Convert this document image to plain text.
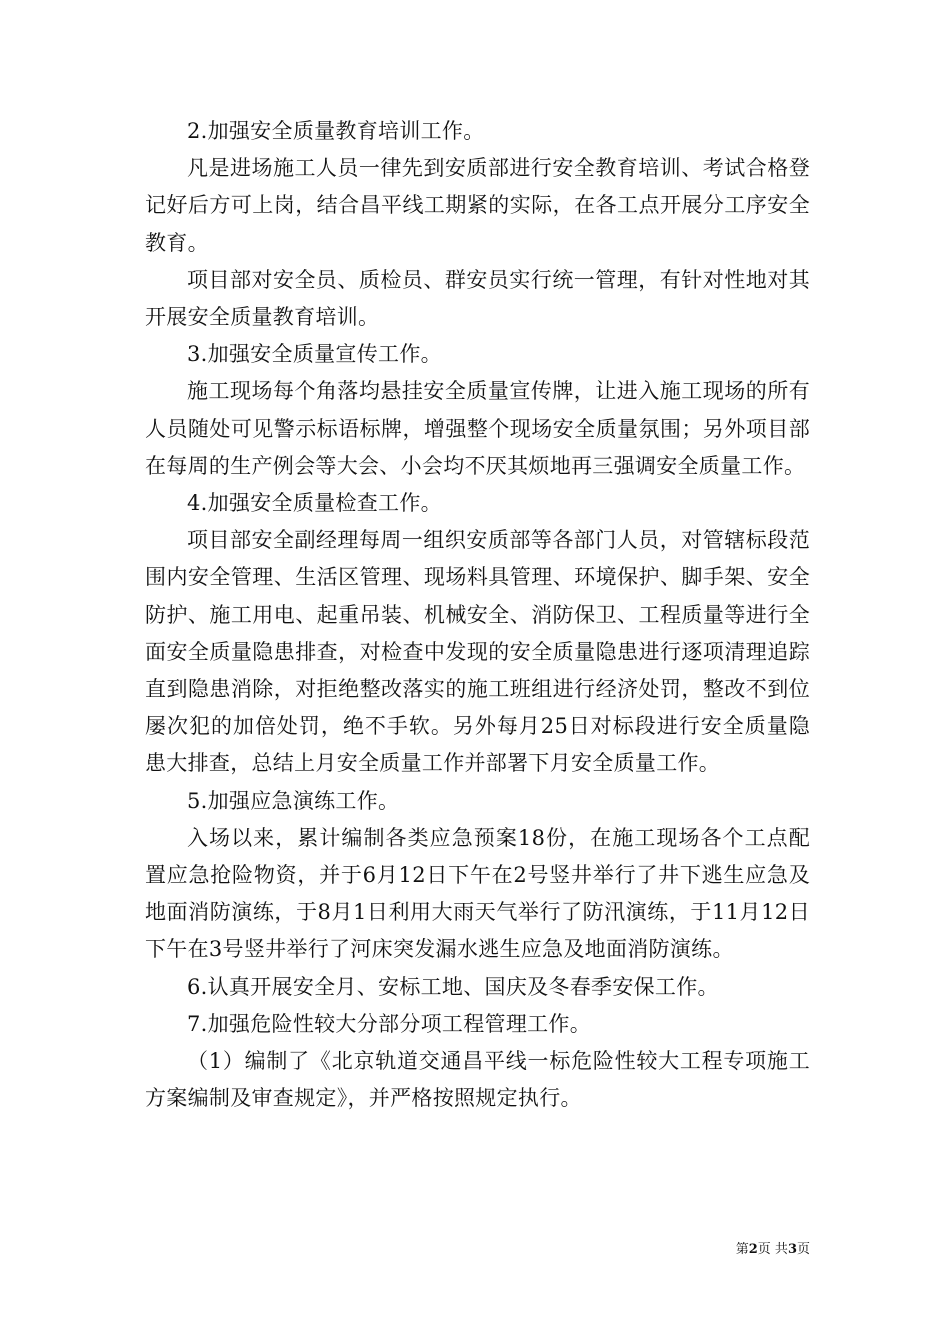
2.加强安全质量教育培训工作。

凡是进场施工人员一律先到安质部进行安全教育培训、考试合格登记好后方可上岗，结合昌平线工期紧的实际，在各工点开展分工序安全教育。

项目部对安全员、质检员、群安员实行统一管理，有针对性地对其开展安全质量教育培训。

3.加强安全质量宣传工作。

施工现场每个角落均悬挂安全质量宣传牌，让进入施工现场的所有人员随处可见警示标语标牌，增强整个现场安全质量氛围；另外项目部在每周的生产例会等大会、小会均不厌其烦地再三强调安全质量工作。

4.加强安全质量检查工作。

项目部安全副经理每周一组织安质部等各部门人员，对管辖标段范围内安全管理、生活区管理、现场料具管理、环境保护、脚手架、安全防护、施工用电、起重吊装、机械安全、消防保卫、工程质量等进行全面安全质量隐患排查，对检查中发现的安全质量隐患进行逐项清理追踪直到隐患消除，对拒绝整改落实的施工班组进行经济处罚，整改不到位屡次犯的加倍处罚，绝不手软。另外每月25日对标段进行安全质量隐患大排查，总结上月安全质量工作并部署下月安全质量工作。

5.加强应急演练工作。

入场以来，累计编制各类应急预案18份，在施工现场各个工点配置应急抢险物资，并于6月12日下午在2号竖井举行了井下逃生应急及地面消防演练，于8月1日利用大雨天气举行了防汛演练，于11月12日下午在3号竖井举行了河床突发漏水逃生应急及地面消防演练。

6.认真开展安全月、安标工地、国庆及冬春季安保工作。

7.加强危险性较大分部分项工程管理工作。

（1）编制了《北京轨道交通昌平线一标危险性较大工程专项施工方案编制及审查规定》，并严格按照规定执行。

第2页 共3页
